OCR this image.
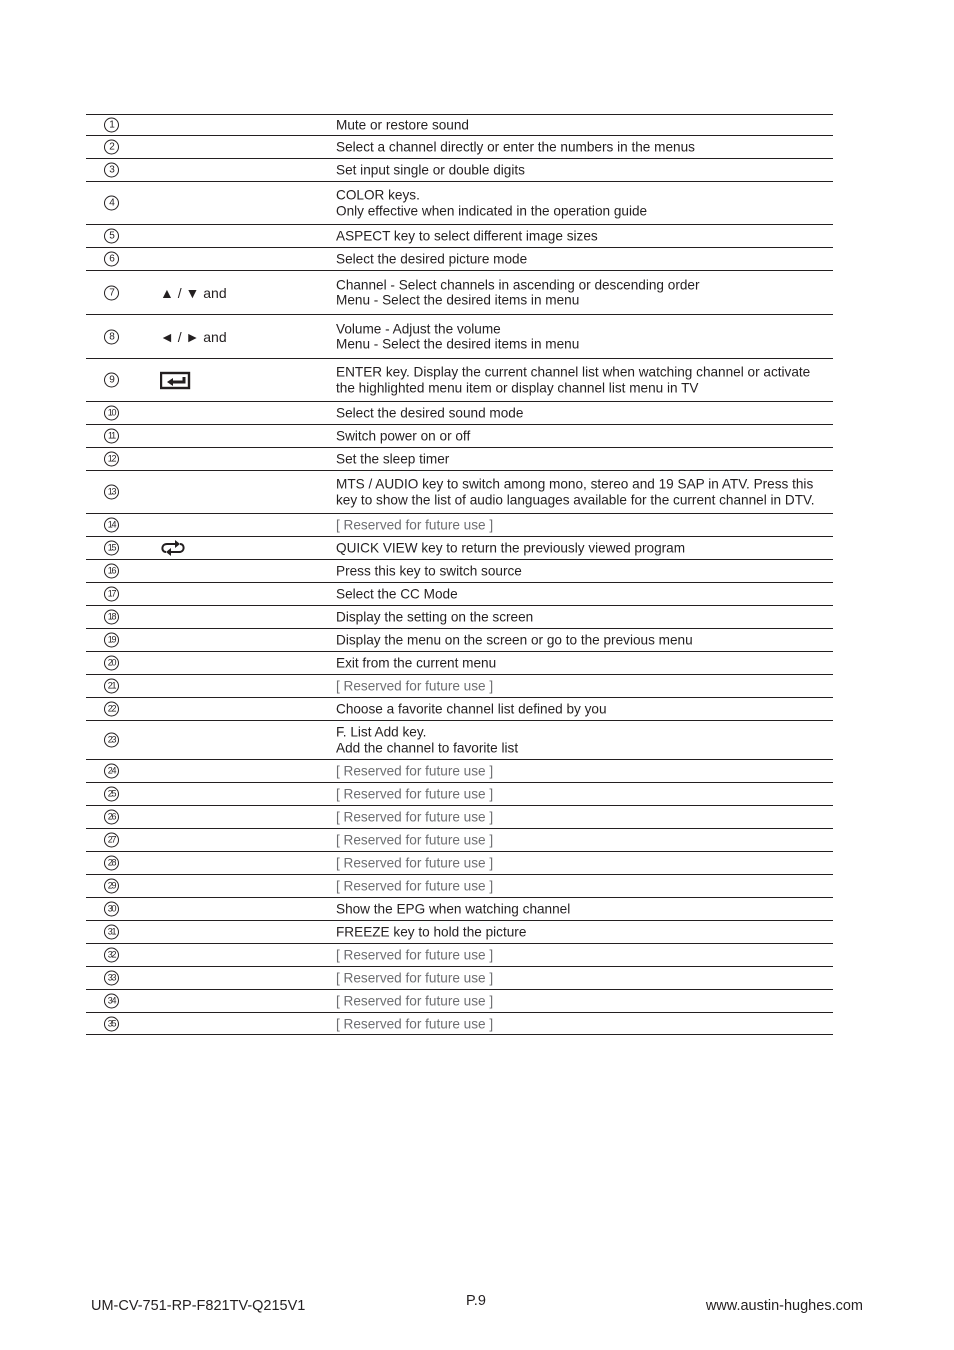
1	Mute or restore sound
2	Select a channel directly or enter the numbers in the menus
3	Set input single or double digits
4
COLOR keys.
Only effective when indicated in the operation guide
5	ASPECT key to select different image sizes
6	Select the desired picture mode
7	▲ / ▼ and	Channel - Select channels in ascending or descending order
Menu - Select the desired items in menu
8	◄ / ► and	Volume - Adjust the volume
Menu - Select the desired items in menu
9
ENTER key. Display the current channel list when watching channel or activate
the highlighted menu item or display channel list menu in TV
10	Select the desired sound mode
11	Switch power on or off
12	Set the sleep timer
13	MTS / AUDIO key to switch among mono, stereo and 19 SAP in ATV. Press this
key to show the list of audio languages available for the current channel in DTV.
14	[ Reserved for future use ]
15	QUICK VIEW key to return the previously viewed program
16	Press this key to switch source
17	Select the CC Mode
18	Display the setting on the screen
19	Display the menu on the screen or go to the previous menu
20	Exit from the current menu
21	[ Reserved for future use ]
22	Choose a favorite channel list defined by you
23	F. List Add key.
Add the channel to favorite list
24	[ Reserved for future use ]
25	[ Reserved for future use ]
26	[ Reserved for future use ]
27	[ Reserved for future use ]
28	[ Reserved for future use ]
29	[ Reserved for future use ]
30	Show the EPG when watching channel
31	FREEZE key to hold the picture
32	[ Reserved for future use ]
33	[ Reserved for future use ]
34	[ Reserved for future use ]
35	[ Reserved for future use ]
UM-CV-751-RP-F821TV-Q215V1	P.9	www.austin-hughes.com
